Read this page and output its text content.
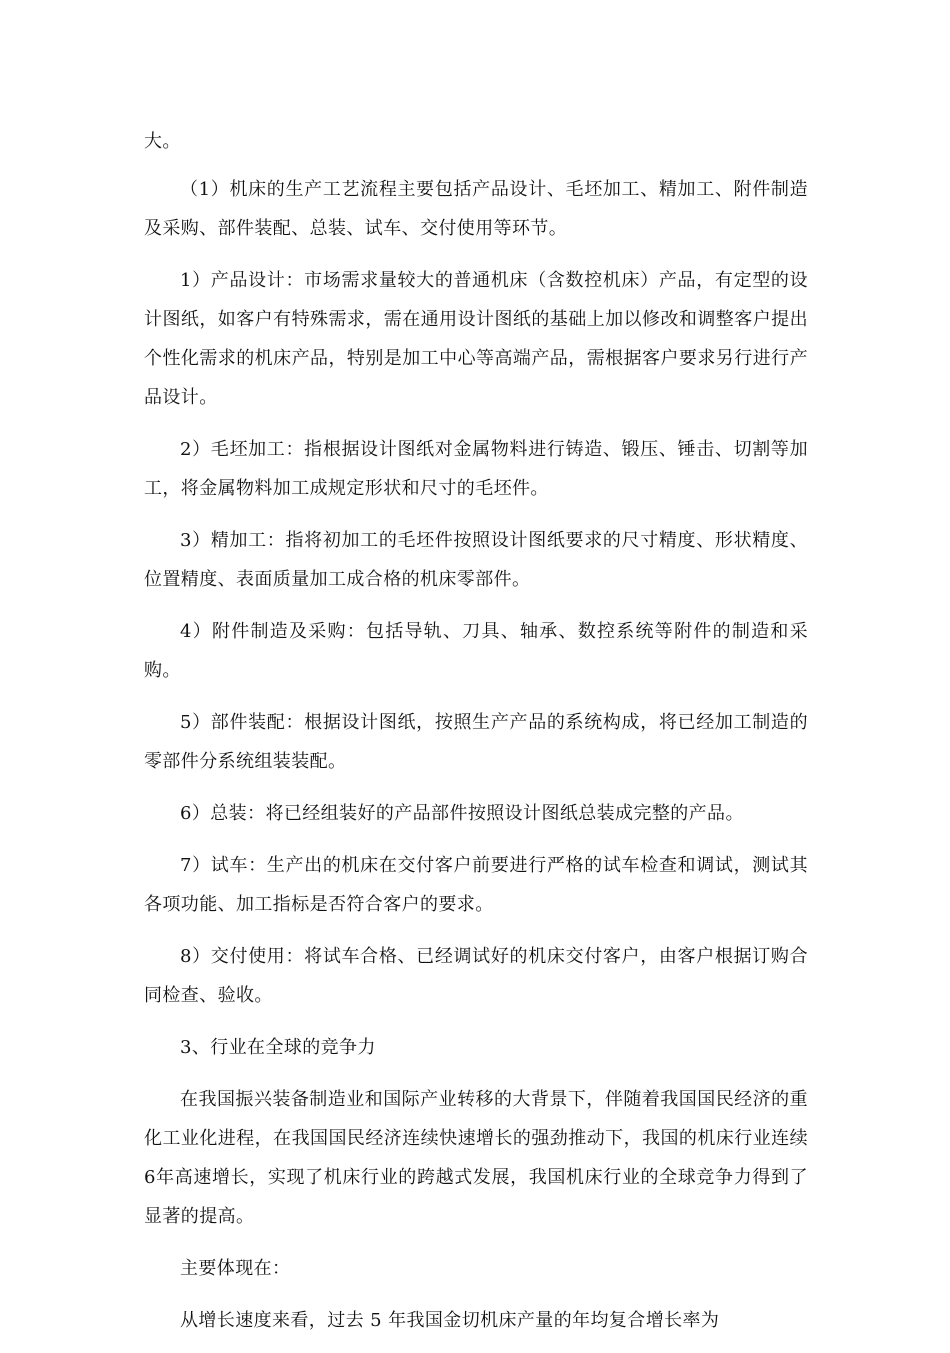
大。

（1）机床的生产工艺流程主要包括产品设计、毛坯加工、精加工、附件制造及采购、部件装配、总装、试车、交付使用等环节。

1）产品设计：市场需求量较大的普通机床（含数控机床）产品，有定型的设计图纸，如客户有特殊需求，需在通用设计图纸的基础上加以修改和调整客户提出个性化需求的机床产品，特别是加工中心等高端产品，需根据客户要求另行进行产品设计。

2）毛坯加工：指根据设计图纸对金属物料进行铸造、锻压、锤击、切割等加工，将金属物料加工成规定形状和尺寸的毛坯件。

3）精加工：指将初加工的毛坯件按照设计图纸要求的尺寸精度、形状精度、位置精度、表面质量加工成合格的机床零部件。

4）附件制造及采购：包括导轨、刀具、轴承、数控系统等附件的制造和采购。

5）部件装配：根据设计图纸，按照生产产品的系统构成，将已经加工制造的零部件分系统组装装配。

6）总装：将已经组装好的产品部件按照设计图纸总装成完整的产品。

7）试车：生产出的机床在交付客户前要进行严格的试车检查和调试，测试其各项功能、加工指标是否符合客户的要求。

8）交付使用：将试车合格、已经调试好的机床交付客户，由客户根据订购合同检查、验收。

3、行业在全球的竞争力

在我国振兴装备制造业和国际产业转移的大背景下，伴随着我国国民经济的重化工业化进程，在我国国民经济连续快速增长的强劲推动下，我国的机床行业连续6年高速增长，实现了机床行业的跨越式发展，我国机床行业的全球竞争力得到了显著的提高。

主要体现在：

从增长速度来看，过去 5 年我国金切机床产量的年均复合增长率为
